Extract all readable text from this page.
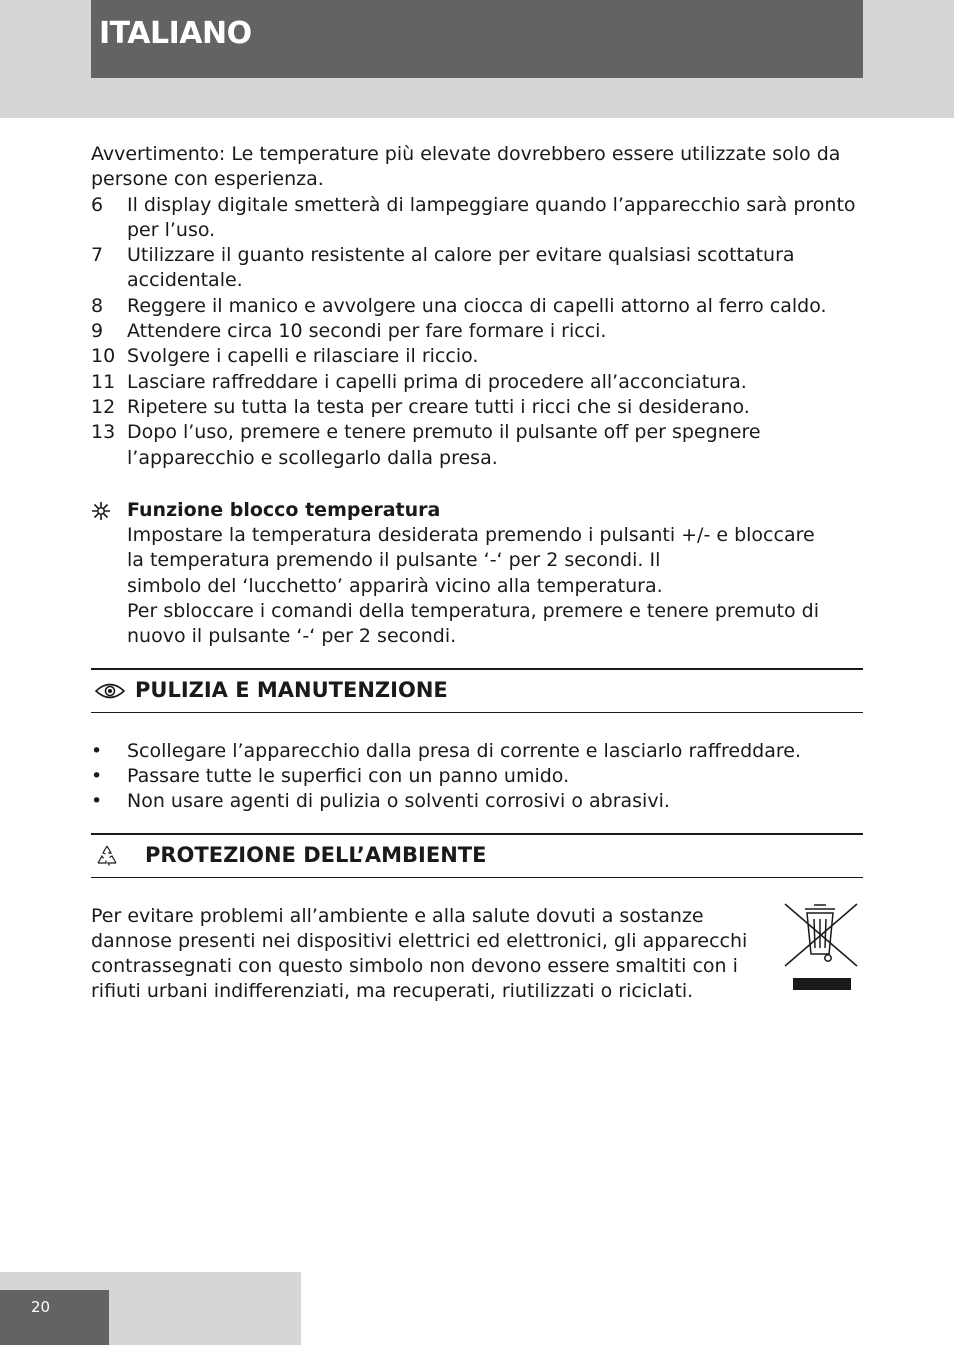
ITALIANO

Avvertimento: Le temperature più elevate dovrebbero essere utilizzate solo da persone con esperienza.

6	Il display digitale smetterà di lampeggiare quando l’apparecchio sarà pronto per l’uso.
7	Utilizzare il guanto resistente al calore per evitare qualsiasi scottatura accidentale.
8	Reggere il manico e avvolgere una ciocca di capelli attorno al ferro caldo.
9	Attendere circa 10 secondi per fare formare i ricci.
10 Svolgere i capelli e rilasciare il riccio.
11 Lasciare raffreddare i capelli prima di procedere all’acconciatura.
12 Ripetere su tutta la testa per creare tutti i ricci che si desiderano.
13 Dopo l’uso, premere e tenere premuto il pulsante off per spegnere l’apparecchio e scollegarlo dalla presa.
Funzione blocco temperatura
Impostare la temperatura desiderata premendo i pulsanti +/- e bloccare
la temperatura premendo il pulsante ‘-‘ per 2 secondi. Il
simbolo del ‘lucchetto’ apparirà vicino alla temperatura.
Per sbloccare i comandi della temperatura, premere e tenere premuto di nuovo il pulsante ‘-‘ per 2 secondi.
PULIZIA E MANUTENZIONE
•	Scollegare l’apparecchio dalla presa di corrente e lasciarlo raffreddare.
•	Passare tutte le superfici con un panno umido.
•	Non usare agenti di pulizia o solventi corrosivi o abrasivi.
PROTEZIONE DELL’AMBIENTE

Per evitare problemi all’ambiente e alla salute dovuti a sostanze dannose presenti nei dispositivi elettrici ed elettronici, gli apparecchi contrassegnati con questo simbolo non devono essere smaltiti con i rifiuti urbani indifferenziati, ma recuperati, riutilizzati o riciclati.

20
